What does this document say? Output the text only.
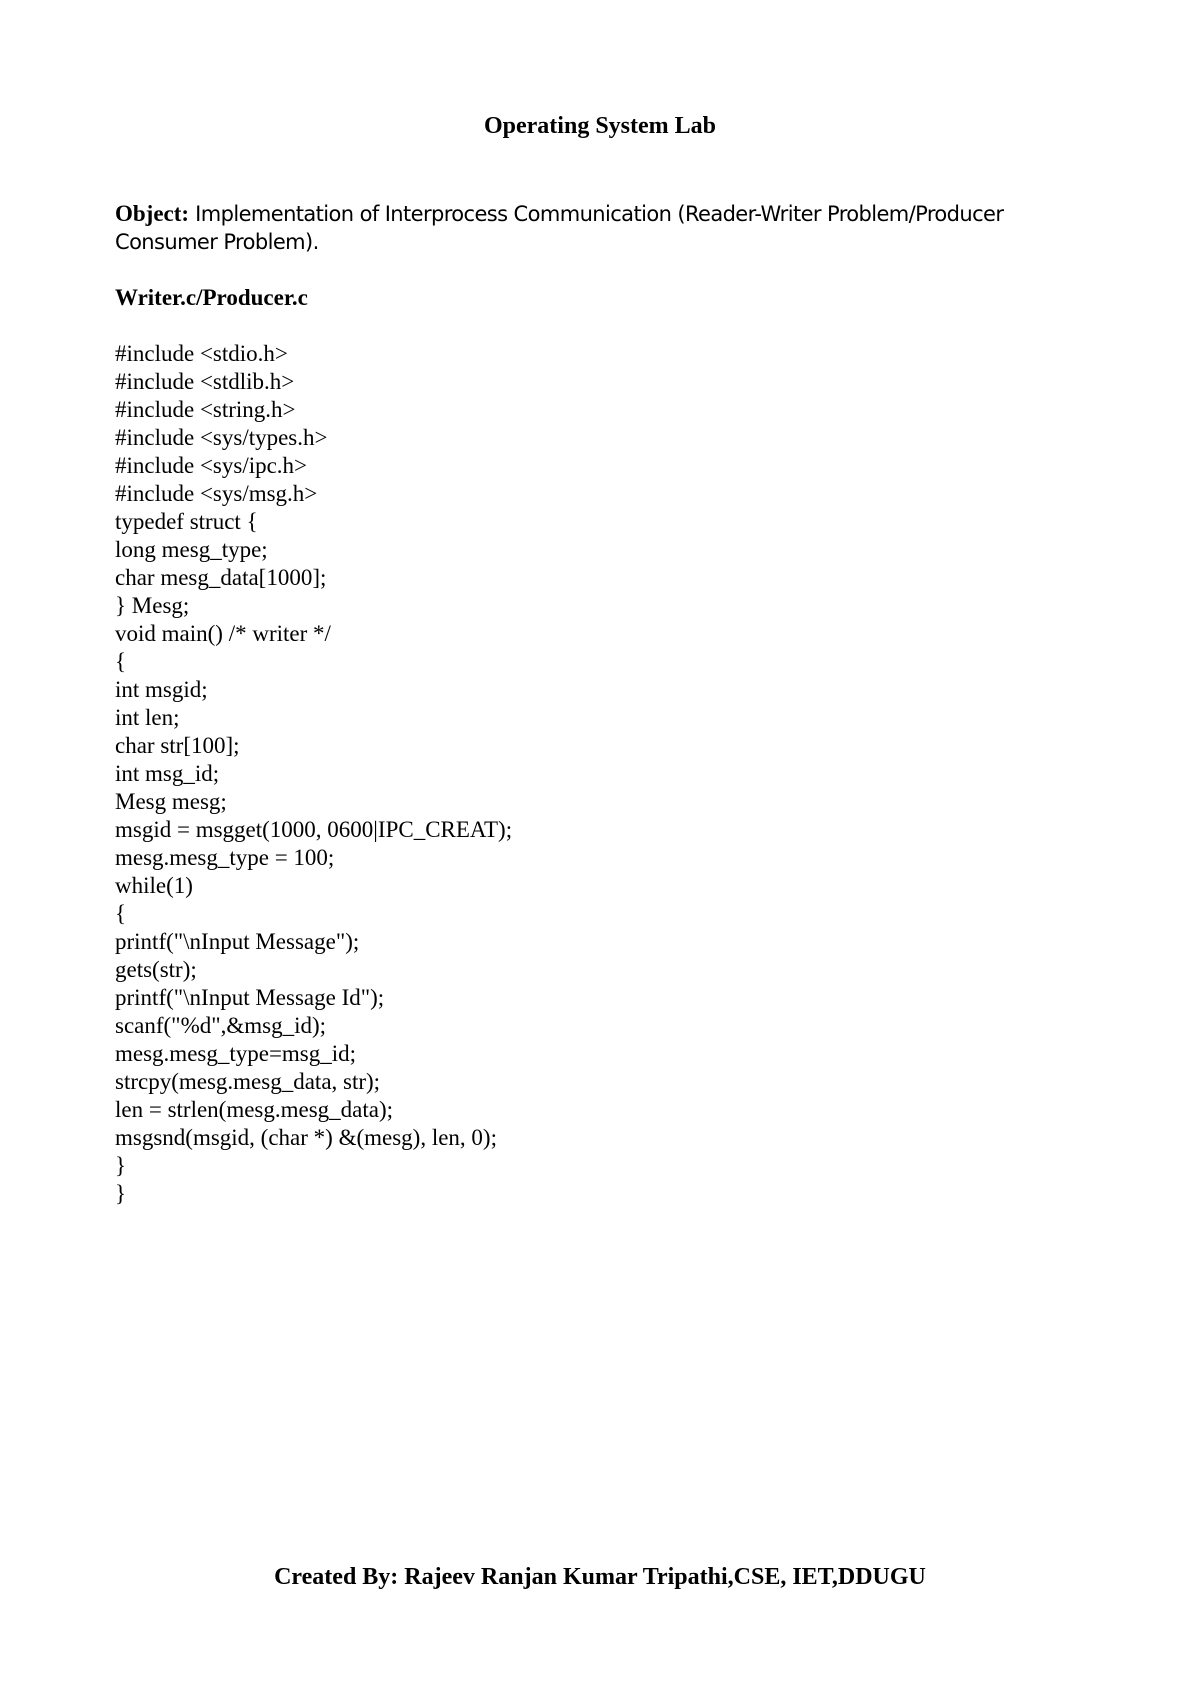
Operating System Lab

Object: Implementation of Interprocess Communication (Reader-Writer Problem/Producer Consumer Problem).

Writer.c/Producer.c

#include <stdio.h>
#include <stdlib.h>
#include <string.h>
#include <sys/types.h>
#include <sys/ipc.h>
#include <sys/msg.h>
typedef struct {
long mesg_type;
char mesg_data[1000];
} Mesg;
void main() /* writer */
{
int msgid;
int len;
char str[100];
int msg_id;
Mesg mesg;
msgid = msgget(1000, 0600|IPC_CREAT);
mesg.mesg_type = 100;
while(1)
{
printf("\nInput Message");
gets(str);
printf("\nInput Message Id");
scanf("%d",&msg_id);
mesg.mesg_type=msg_id;
strcpy(mesg.mesg_data, str);
len = strlen(mesg.mesg_data);
msgsnd(msgid, (char *) &(mesg), len, 0);
}
}

Created By: Rajeev Ranjan Kumar Tripathi,CSE, IET,DDUGU
